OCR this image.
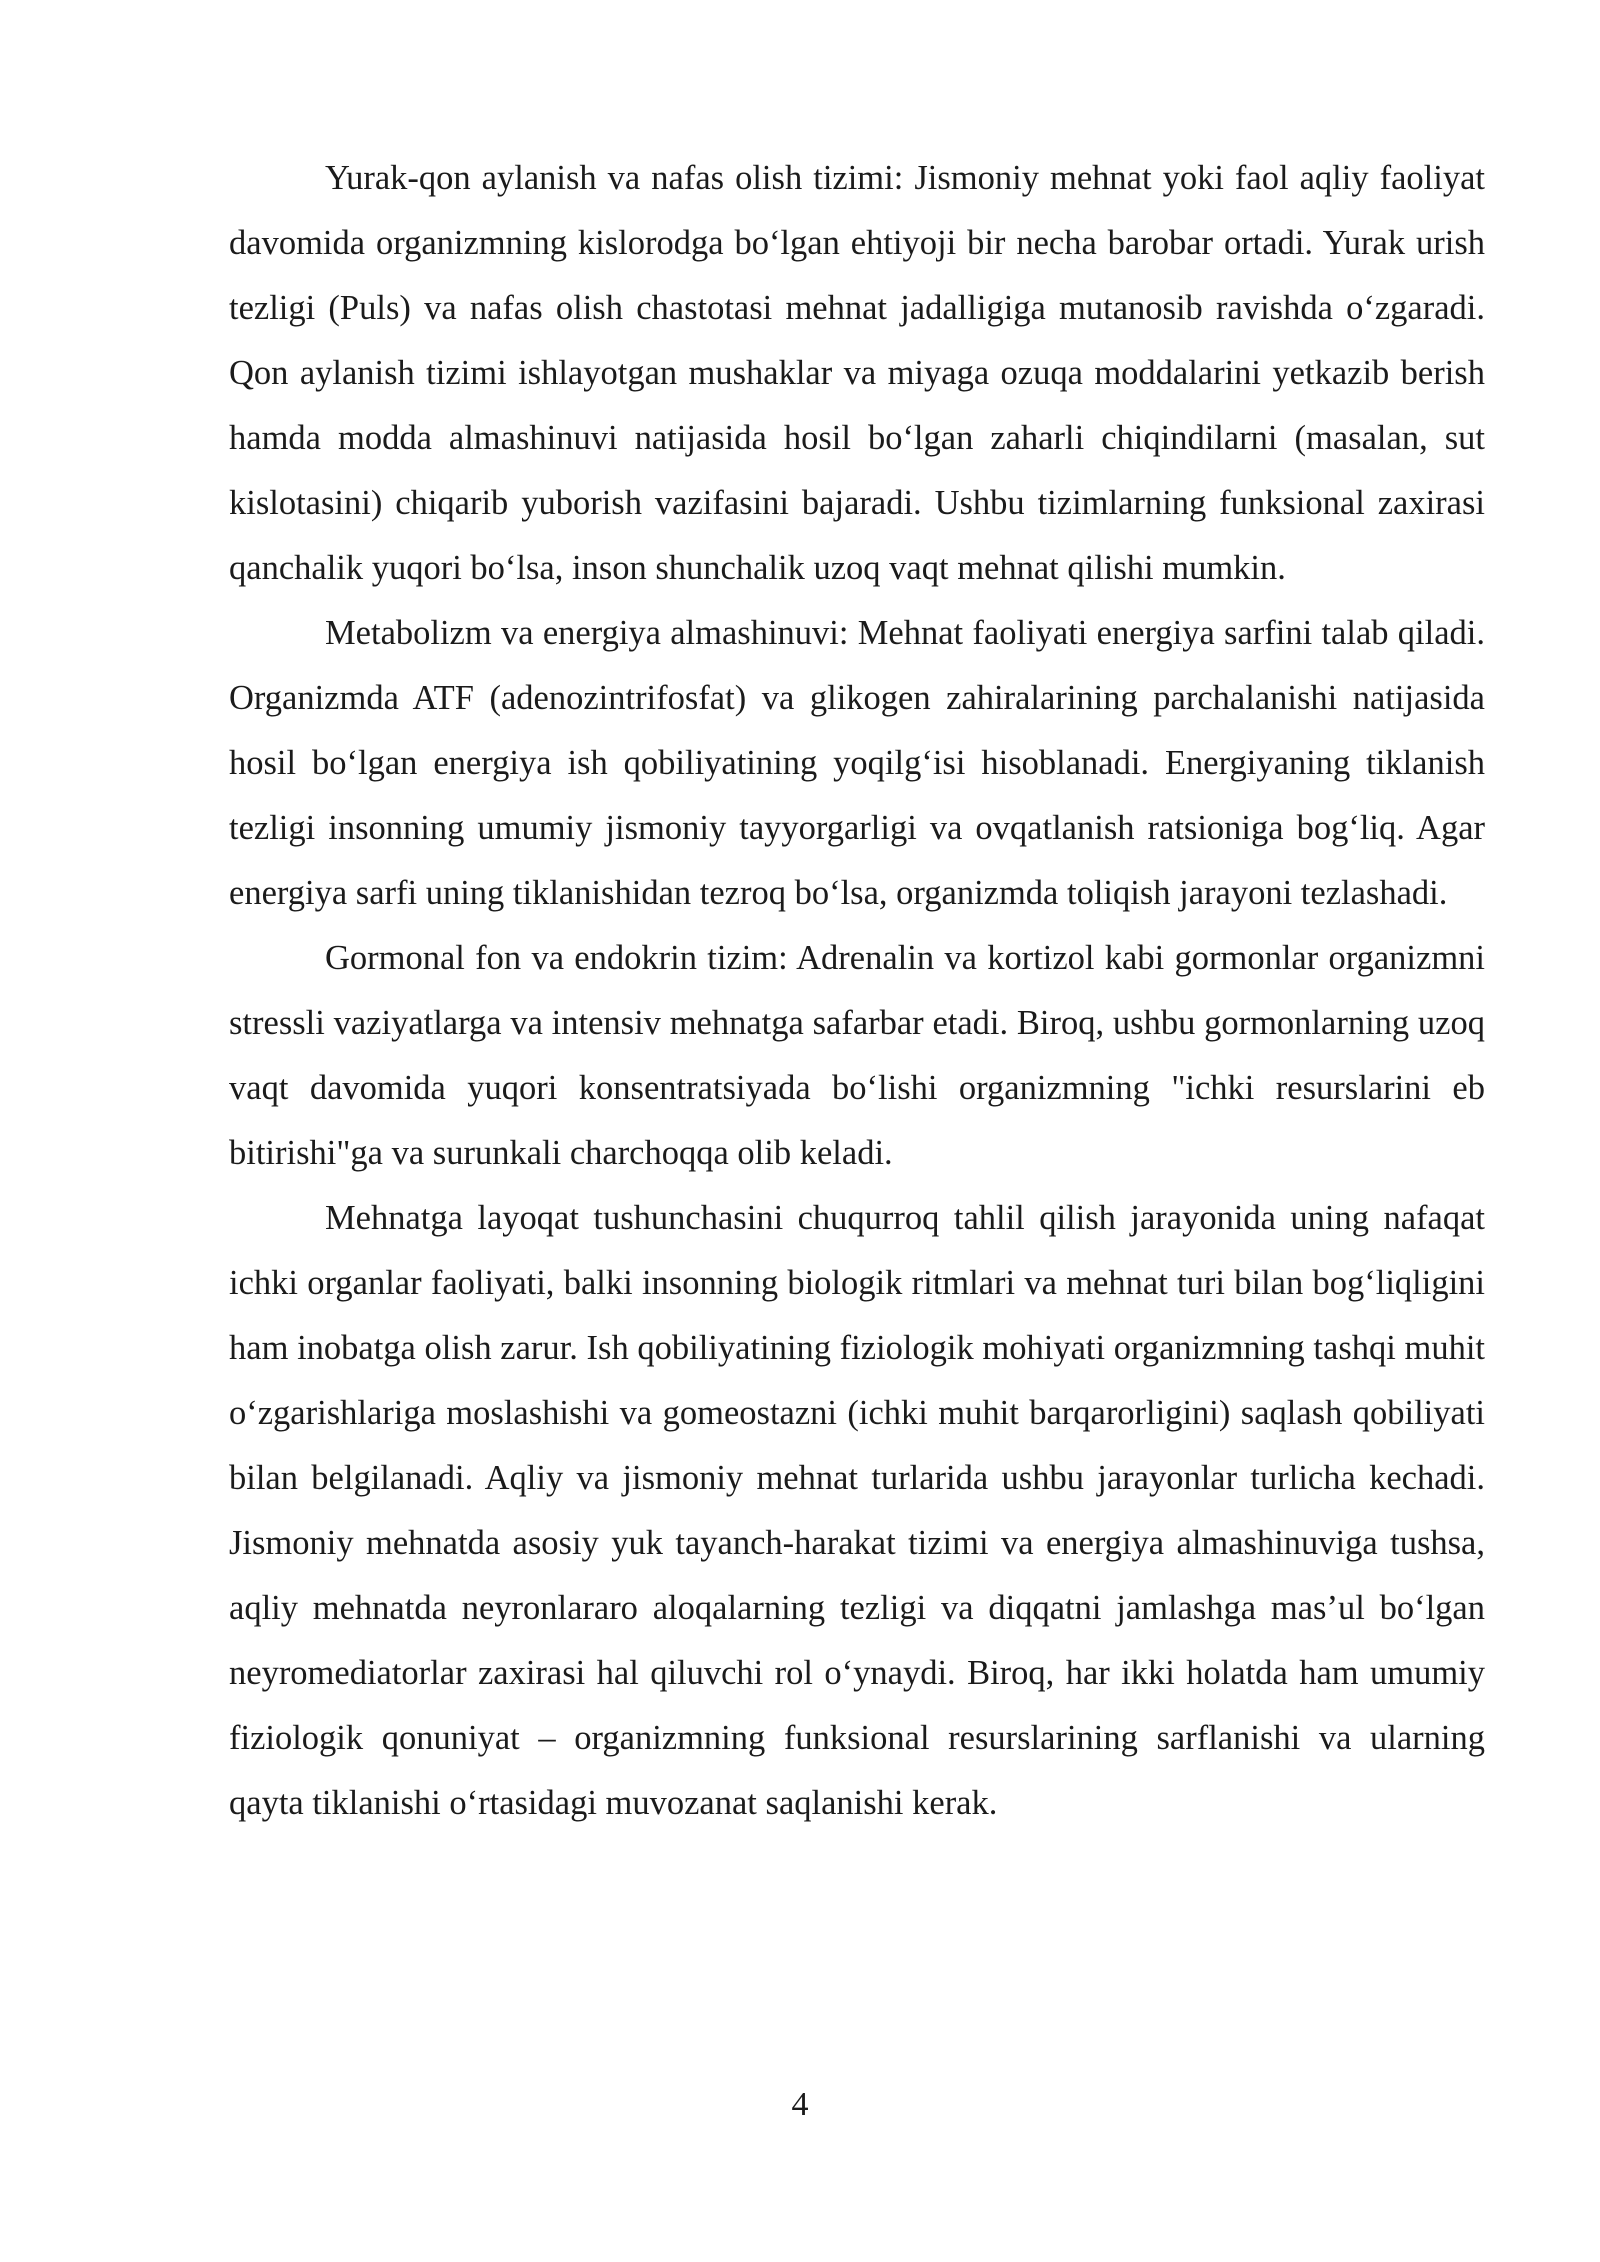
Yurak-qon aylanish va nafas olish tizimi: Jismoniy mehnat yoki faol aqliy faoliyat davomida organizmning kislorodga bo‘lgan ehtiyoji bir necha barobar ortadi. Yurak urish tezligi (Puls) va nafas olish chastotasi mehnat jadalligiga mutanosib ravishda o‘zgaradi. Qon aylanish tizimi ishlayotgan mushaklar va miyaga ozuqa moddalarini yetkazib berish hamda modda almashinuvi natijasida hosil bo‘lgan zaharli chiqindilarni (masalan, sut kislotasini) chiqarib yuborish vazifasini bajaradi. Ushbu tizimlarning funksional zaxirasi qanchalik yuqori bo‘lsa, inson shunchalik uzoq vaqt mehnat qilishi mumkin.

Metabolizm va energiya almashinuvi: Mehnat faoliyati energiya sarfini talab qiladi. Organizmda ATF (adenozintrifosfat) va glikogen zahiralarining parchalanishi natijasida hosil bo‘lgan energiya ish qobiliyatining yoqilg‘isi hisoblanadi. Energiyaning tiklanish tezligi insonning umumiy jismoniy tayyorgarligi va ovqatlanish ratsioniga bog‘liq. Agar energiya sarfi uning tiklanishidan tezroq bo‘lsa, organizmda toliqish jarayoni tezlashadi.

Gormonal fon va endokrin tizim: Adrenalin va kortizol kabi gormonlar organizmni stressli vaziyatlarga va intensiv mehnatga safarbar etadi. Biroq, ushbu gormonlarning uzoq vaqt davomida yuqori konsentratsiyada bo‘lishi organizmning "ichki resurslarini eb bitirishi"ga va surunkali charchoqqa olib keladi.

Mehnatga layoqat tushunchasini chuqurroq tahlil qilish jarayonida uning nafaqat ichki organlar faoliyati, balki insonning biologik ritmlari va mehnat turi bilan bog‘liqligini ham inobatga olish zarur. Ish qobiliyatining fiziologik mohiyati organizmning tashqi muhit o‘zgarishlariga moslashishi va gomeostazni (ichki muhit barqarorligini) saqlash qobiliyati bilan belgilanadi. Aqliy va jismoniy mehnat turlarida ushbu jarayonlar turlicha kechadi. Jismoniy mehnatda asosiy yuk tayanch-harakat tizimi va energiya almashinuviga tushsa, aqliy mehnatda neyronlararo aloqalarning tezligi va diqqatni jamlashga mas’ul bo‘lgan neyromediatorlar zaxirasi hal qiluvchi rol o‘ynaydi. Biroq, har ikki holatda ham umumiy fiziologik qonuniyat – organizmning funksional resurslarining sarflanishi va ularning qayta tiklanishi o‘rtasidagi muvozanat saqlanishi kerak.

4
